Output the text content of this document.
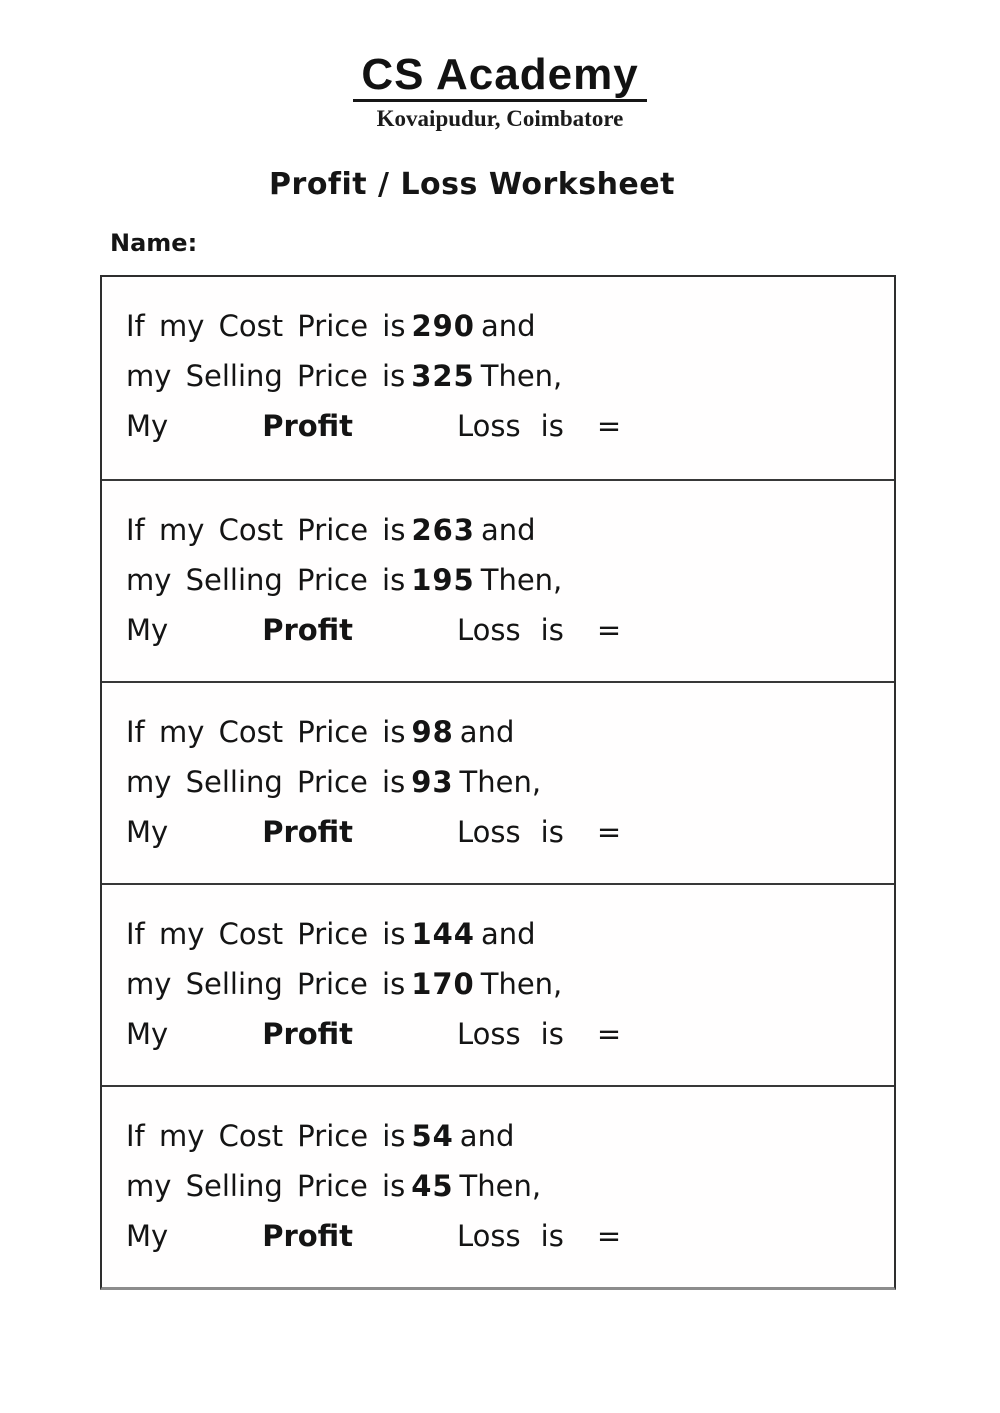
CS Academy
Kovaipudur, Coimbatore
Profit / Loss Worksheet
Name:
If my Cost Price is 290 and
my Selling Price is 325 Then,
My	Profit	Loss is =
If my Cost Price is 263 and
my Selling Price is 195 Then,
My	Profit	Loss is =
If my Cost Price is 98 and
my Selling Price is 93 Then,
My	Profit	Loss is =
If my Cost Price is 144 and
my Selling Price is 170 Then,
My	Profit	Loss is =
If my Cost Price is 54 and
my Selling Price is 45 Then,
My	Profit	Loss is =
